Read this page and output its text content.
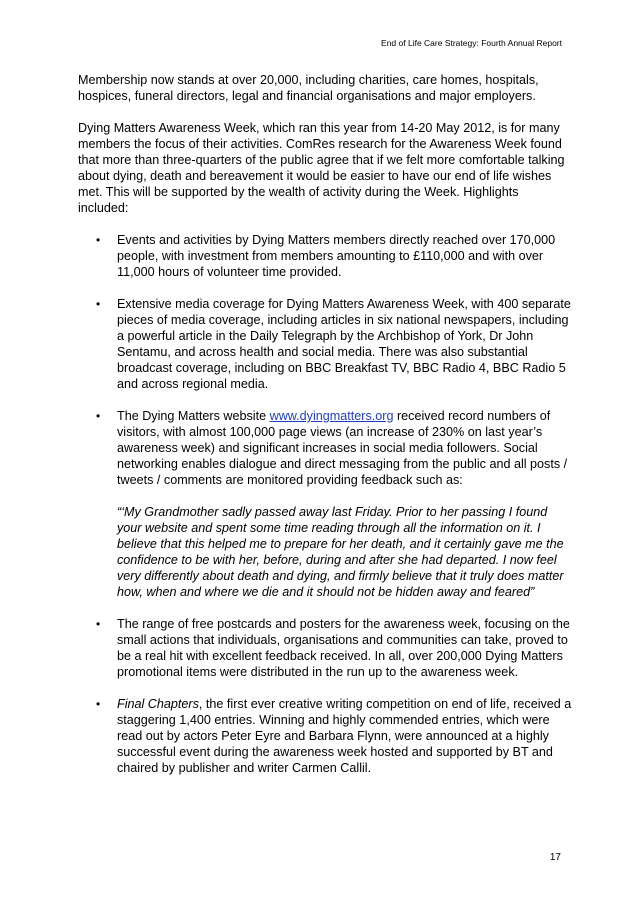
End of Life Care Strategy: Fourth Annual Report

Membership now stands at over 20,000, including charities, care homes, hospitals, hospices, funeral directors, legal and financial organisations and major employers.

Dying Matters Awareness Week, which ran this year from 14-20 May 2012, is for many members the focus of their activities. ComRes research for the Awareness Week found that more than three-quarters of the public agree that if we felt more comfortable talking about dying, death and bereavement it would be easier to have our end of life wishes met. This will be supported by the wealth of activity during the Week. Highlights included:

• Events and activities by Dying Matters members directly reached over 170,000 people, with investment from members amounting to £110,000 and with over 11,000 hours of volunteer time provided.
• Extensive media coverage for Dying Matters Awareness Week, with 400 separate pieces of media coverage, including articles in six national newspapers, including a powerful article in the Daily Telegraph by the Archbishop of York, Dr John Sentamu, and across health and social media. There was also substantial broadcast coverage, including on BBC Breakfast TV, BBC Radio 4, BBC Radio 5 and across regional media.
• The Dying Matters website www.dyingmatters.org received record numbers of visitors, with almost 100,000 page views (an increase of 230% on last year’s awareness week) and significant increases in social media followers. Social networking enables dialogue and direct messaging from the public and all posts / tweets / comments are monitored providing feedback such as:

“‘My Grandmother sadly passed away last Friday. Prior to her passing I found your website and spent some time reading through all the information on it. I believe that this helped me to prepare for her death, and it certainly gave me the confidence to be with her, before, during and after she had departed. I now feel very differently about death and dying, and firmly believe that it truly does matter how, when and where we die and it should not be hidden away and feared”

• The range of free postcards and posters for the awareness week, focusing on the small actions that individuals, organisations and communities can take, proved to be a real hit with excellent feedback received. In all, over 200,000 Dying Matters promotional items were distributed in the run up to the awareness week.
• Final Chapters, the first ever creative writing competition on end of life, received a staggering 1,400 entries. Winning and highly commended entries, which were read out by actors Peter Eyre and Barbara Flynn, were announced at a highly successful event during the awareness week hosted and supported by BT and chaired by publisher and writer Carmen Callil.
17
